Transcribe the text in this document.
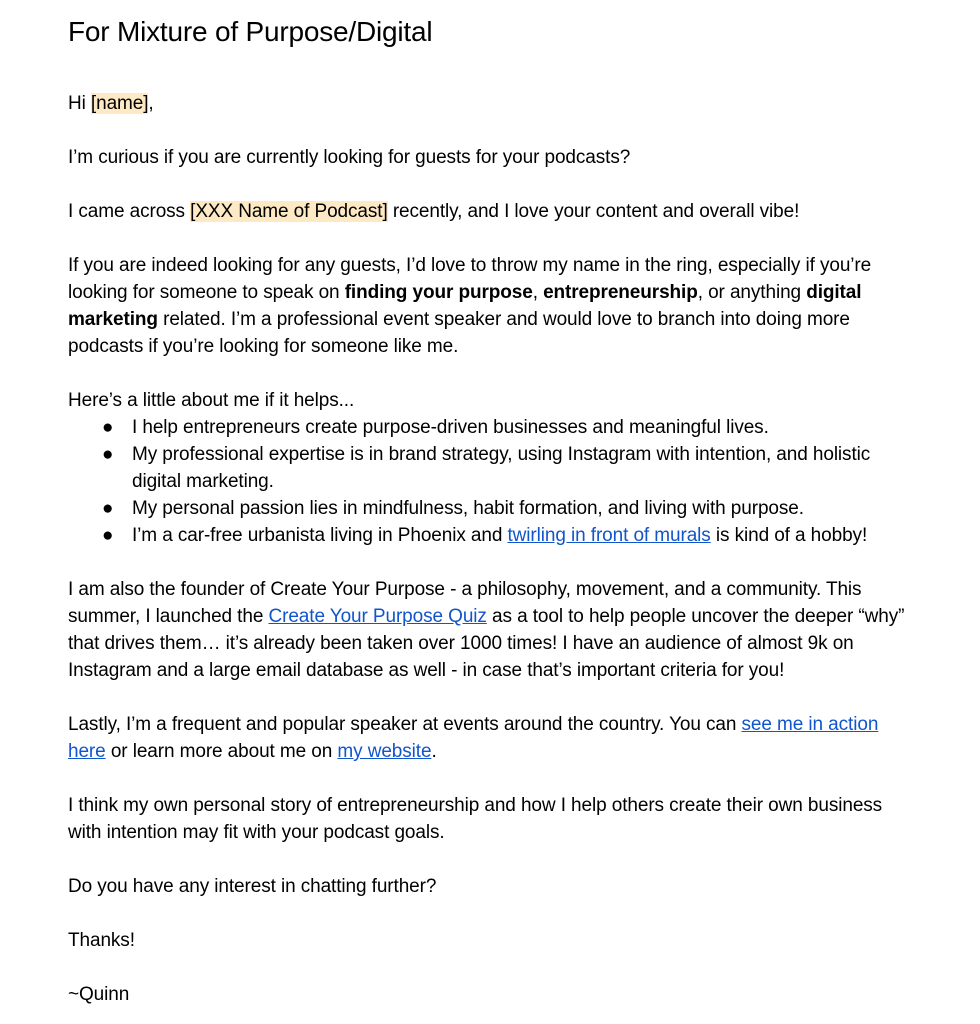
For Mixture of Purpose/Digital

Hi [name],

I’m curious if you are currently looking for guests for your podcasts?

I came across [XXX Name of Podcast] recently, and I love your content and overall vibe!

If you are indeed looking for any guests, I’d love to throw my name in the ring, especially if you’re looking for someone to speak on finding your purpose, entrepreneurship, or anything digital marketing related. I’m a professional event speaker and would love to branch into doing more podcasts if you’re looking for someone like me.

Here’s a little about me if it helps...

● I help entrepreneurs create purpose-driven businesses and meaningful lives.
● My professional expertise is in brand strategy, using Instagram with intention, and holistic digital marketing.
● My personal passion lies in mindfulness, habit formation, and living with purpose.
● I’m a car-free urbanista living in Phoenix and twirling in front of murals is kind of a hobby!

I am also the founder of Create Your Purpose - a philosophy, movement, and a community. This summer, I launched the Create Your Purpose Quiz as a tool to help people uncover the deeper “why” that drives them… it’s already been taken over 1000 times! I have an audience of almost 9k on Instagram and a large email database as well - in case that’s important criteria for you!

Lastly, I’m a frequent and popular speaker at events around the country. You can see me in action here or learn more about me on my website.

I think my own personal story of entrepreneurship and how I help others create their own business with intention may fit with your podcast goals.

Do you have any interest in chatting further?

Thanks!

~Quinn
